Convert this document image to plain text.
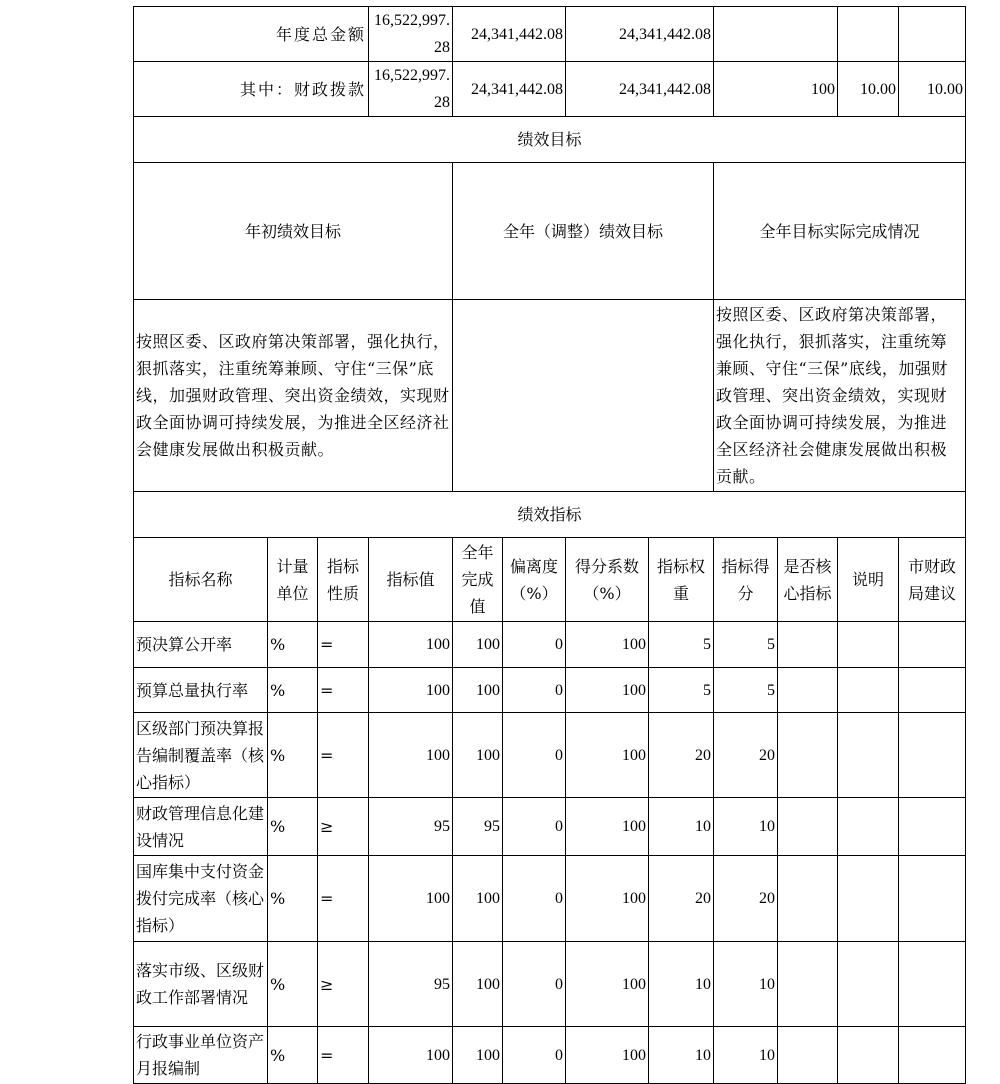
年度总金额			16,522,997.28	24,341,442.08		24,341,442.08					
其中：财政拨款			16,522,997.28	24,341,442.08		24,341,442.08		100		10.00	10.00
绩效目标											
年初绩效目标				全年（调整）绩效目标				全年目标实际完成情况			
按照区委、区政府第决策部署，强化执行，狠抓落实，注重统筹兼顾、守住“三保”底线，加强财政管理、突出资金绩效，实现财政全面协调可持续发展，为推进全区经济社会健康发展做出积极贡献。								按照区委、区政府第决策部署，强化执行，狠抓落实，注重统筹兼顾、守住“三保”底线，加强财政管理、突出资金绩效，实现财政全面协调可持续发展，为推进全区经济社会健康发展做出积极贡献。			
绩效指标											
指标名称	计量单位	指标性质	指标值	全年完成值	偏离度（%）	得分系数（%）	指标权重	指标得分	是否核心指标	说明	市财政局建议
预决算公开率	%	=	100	100	0	100	5	5			
预算总量执行率	%	=	100	100	0	100	5	5			
区级部门预决算报告编制覆盖率（核心指标）	%	=	100	100	0	100	20	20			
财政管理信息化建设情况	%	≥	95	95	0	100	10	10			
国库集中支付资金拨付完成率（核心指标）	%	=	100	100	0	100	20	20			
落实市级、区级财政工作部署情况	%	≥	95	100	0	100	10	10			
行政事业单位资产月报编制	%	=	100	100	0	100	10	10			
